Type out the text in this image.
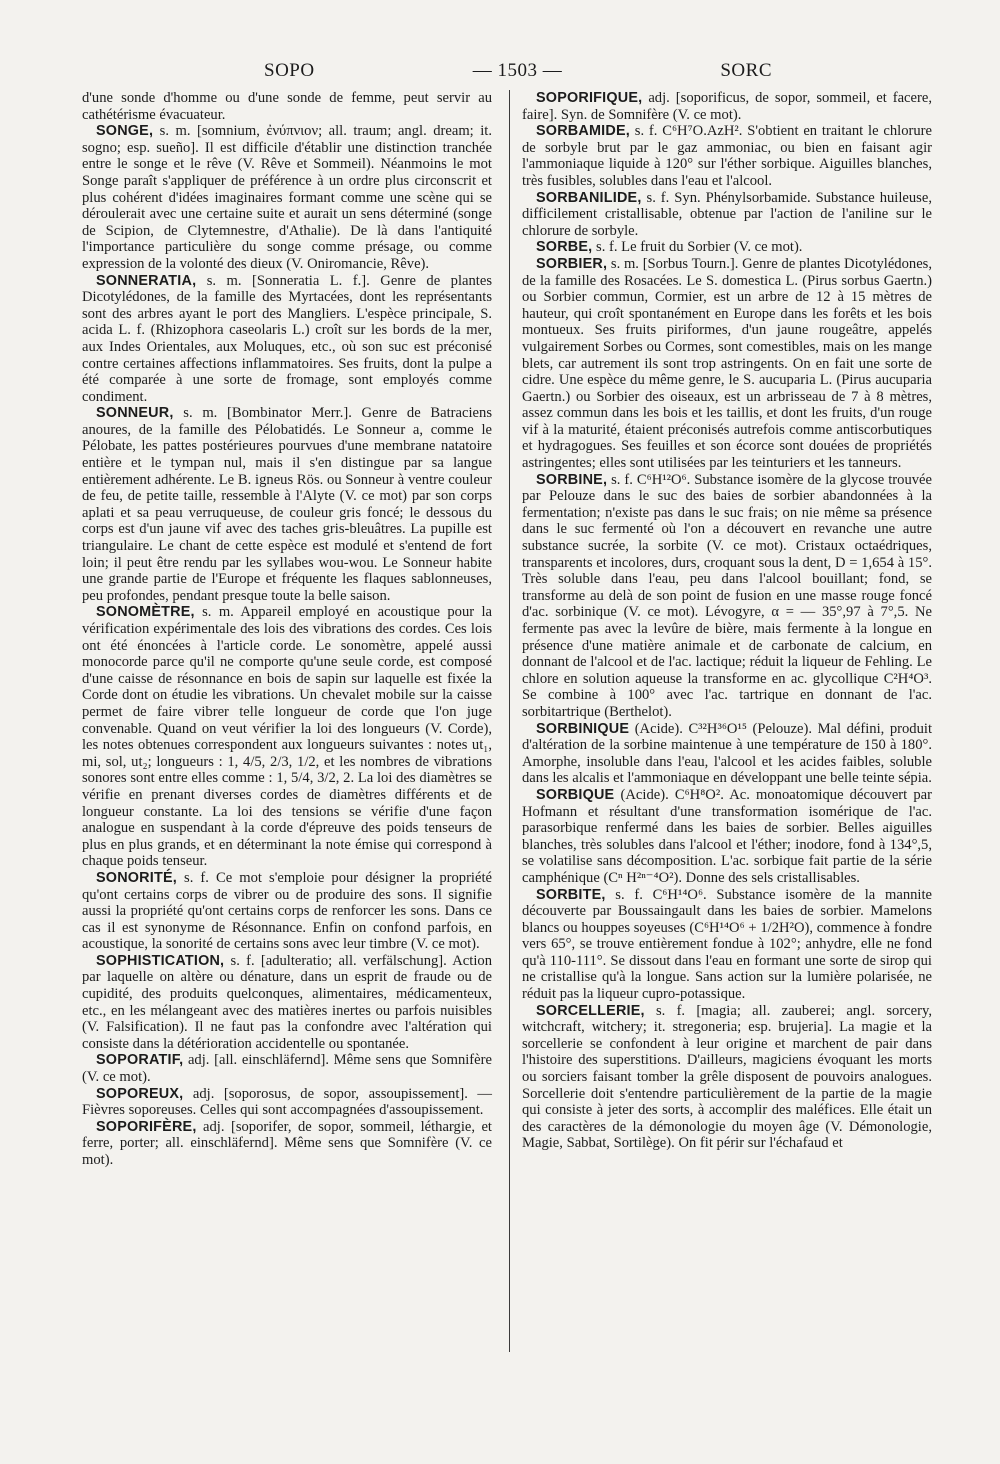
SOPO	— 1503 —	SORC

d'une sonde d'homme ou d'une sonde de femme, peut servir au cathétérisme évacuateur.

SONGE, s. m. [somnium, ἐνύπνιον; all. traum; angl. dream; it. sogno; esp. sueño]. Il est difficile d'établir une distinction tranchée entre le songe et le rêve (V. Rêve et Sommeil). Néanmoins le mot Songe paraît s'appliquer de préférence à un ordre plus circonscrit et plus cohérent d'idées imaginaires formant comme une scène qui se déroulerait avec une certaine suite et aurait un sens déterminé (songe de Scipion, de Clytemnestre, d'Athalie). De là dans l'antiquité l'importance particulière du songe comme présage, ou comme expression de la volonté des dieux (V. Oniromancie, Rêve).

SONNERATIA, s. m. [Sonneratia L. f.]. Genre de plantes Dicotylédones, de la famille des Myrtacées, dont les représentants sont des arbres ayant le port des Mangliers. L'espèce principale, S. acida L. f. (Rhizophora caseolaris L.) croît sur les bords de la mer, aux Indes Orientales, aux Moluques, etc., où son suc est préconisé contre certaines affections inflammatoires. Ses fruits, dont la pulpe a été comparée à une sorte de fromage, sont employés comme condiment.

SONNEUR, s. m. [Bombinator Merr.]. Genre de Batraciens anoures, de la famille des Pélobatidés. Le Sonneur a, comme le Pélobate, les pattes postérieures pourvues d'une membrane natatoire entière et le tympan nul, mais il s'en distingue par sa langue entièrement adhérente. Le B. igneus Rös. ou Sonneur à ventre couleur de feu, de petite taille, ressemble à l'Alyte (V. ce mot) par son corps aplati et sa peau verruqueuse, de couleur gris foncé; le dessous du corps est d'un jaune vif avec des taches gris-bleuâtres. La pupille est triangulaire. Le chant de cette espèce est modulé et s'entend de fort loin; il peut être rendu par les syllabes wou-wou. Le Sonneur habite une grande partie de l'Europe et fréquente les flaques sablonneuses, peu profondes, pendant presque toute la belle saison.

SONOMÈTRE, s. m. Appareil employé en acoustique pour la vérification expérimentale des lois des vibrations des cordes. Ces lois ont été énoncées à l'article corde. Le sonomètre, appelé aussi monocorde parce qu'il ne comporte qu'une seule corde, est composé d'une caisse de résonnance en bois de sapin sur laquelle est fixée la Corde dont on étudie les vibrations. Un chevalet mobile sur la caisse permet de faire vibrer telle longueur de corde que l'on juge convenable. Quand on veut vérifier la loi des longueurs (V. Corde), les notes obtenues correspondent aux longueurs suivantes : notes ut₁, mi, sol, ut₂; longueurs : 1, 4/5, 2/3, 1/2, et les nombres de vibrations sonores sont entre elles comme : 1, 5/4, 3/2, 2. La loi des diamètres se vérifie en prenant diverses cordes de diamètres différents et de longueur constante. La loi des tensions se vérifie d'une façon analogue en suspendant à la corde d'épreuve des poids tenseurs de plus en plus grands, et en déterminant la note émise qui correspond à chaque poids tenseur.

SONORITÉ, s. f. Ce mot s'emploie pour désigner la propriété qu'ont certains corps de vibrer ou de produire des sons. Il signifie aussi la propriété qu'ont certains corps de renforcer les sons. Dans ce cas il est synonyme de Résonnance. Enfin on confond parfois, en acoustique, la sonorité de certains sons avec leur timbre (V. ce mot).

SOPHISTICATION, s. f. [adulteratio; all. verfälschung]. Action par laquelle on altère ou dénature, dans un esprit de fraude ou de cupidité, des produits quelconques, alimentaires, médicamenteux, etc., en les mélangeant avec des matières inertes ou parfois nuisibles (V. Falsification). Il ne faut pas la confondre avec l'altération qui consiste dans la détérioration accidentelle ou spontanée.

SOPORATIF, adj. [all. einschläfernd]. Même sens que Somnifère (V. ce mot).

SOPOREUX, adj. [soporosus, de sopor, assoupissement]. — Fièvres soporeuses. Celles qui sont accompagnées d'assoupissement.

SOPORIFÈRE, adj. [soporifer, de sopor, sommeil, léthargie, et ferre, porter; all. einschläfernd]. Même sens que Somnifère (V. ce mot).

SOPORIFIQUE, adj. [soporificus, de sopor, sommeil, et facere, faire]. Syn. de Somnifère (V. ce mot).

SORBAMIDE, s. f. C⁶H⁷O.AzH². S'obtient en traitant le chlorure de sorbyle brut par le gaz ammoniac, ou bien en faisant agir l'ammoniaque liquide à 120° sur l'éther sorbique. Aiguilles blanches, très fusibles, solubles dans l'eau et l'alcool.

SORBANILIDE, s. f. Syn. Phénylsorbamide. Substance huileuse, difficilement cristallisable, obtenue par l'action de l'aniline sur le chlorure de sorbyle.

SORBE, s. f. Le fruit du Sorbier (V. ce mot).

SORBIER, s. m. [Sorbus Tourn.]. Genre de plantes Dicotylédones, de la famille des Rosacées. Le S. domestica L. (Pirus sorbus Gaertn.) ou Sorbier commun, Cormier, est un arbre de 12 à 15 mètres de hauteur, qui croît spontanément en Europe dans les forêts et les bois montueux. Ses fruits piriformes, d'un jaune rougeâtre, appelés vulgairement Sorbes ou Cormes, sont comestibles, mais on les mange blets, car autrement ils sont trop astringents. On en fait une sorte de cidre. Une espèce du même genre, le S. aucuparia L. (Pirus aucuparia Gaertn.) ou Sorbier des oiseaux, est un arbrisseau de 7 à 8 mètres, assez commun dans les bois et les taillis, et dont les fruits, d'un rouge vif à la maturité, étaient préconisés autrefois comme antiscorbutiques et hydragogues. Ses feuilles et son écorce sont douées de propriétés astringentes; elles sont utilisées par les teinturiers et les tanneurs.

SORBINE, s. f. C⁶H¹²O⁶. Substance isomère de la glycose trouvée par Pelouze dans le suc des baies de sorbier abandonnées à la fermentation; n'existe pas dans le suc frais; on nie même sa présence dans le suc fermenté où l'on a découvert en revanche une autre substance sucrée, la sorbite (V. ce mot). Cristaux octaédriques, transparents et incolores, durs, croquant sous la dent, D = 1,654 à 15°. Très soluble dans l'eau, peu dans l'alcool bouillant; fond, se transforme au delà de son point de fusion en une masse rouge foncé d'ac. sorbinique (V. ce mot). Lévogyre, α = — 35°,97 à 7°,5. Ne fermente pas avec la levûre de bière, mais fermente à la longue en présence d'une matière animale et de carbonate de calcium, en donnant de l'alcool et de l'ac. lactique; réduit la liqueur de Fehling. Le chlore en solution aqueuse la transforme en ac. glycollique C²H⁴O³. Se combine à 100° avec l'ac. tartrique en donnant de l'ac. sorbitartrique (Berthelot).

SORBINIQUE (Acide). C³²H³⁶O¹⁵ (Pelouze). Mal défini, produit d'altération de la sorbine maintenue à une température de 150 à 180°. Amorphe, insoluble dans l'eau, l'alcool et les acides faibles, soluble dans les alcalis et l'ammoniaque en développant une belle teinte sépia.

SORBIQUE (Acide). C⁶H⁸O². Ac. monoatomique découvert par Hofmann et résultant d'une transformation isomérique de l'ac. parasorbique renfermé dans les baies de sorbier. Belles aiguilles blanches, très solubles dans l'alcool et l'éther; inodore, fond à 134°,5, se volatilise sans décomposition. L'ac. sorbique fait partie de la série camphénique (Cⁿ H²ⁿ⁻⁴O²). Donne des sels cristallisables.

SORBITE, s. f. C⁶H¹⁴O⁶. Substance isomère de la mannite découverte par Boussaingault dans les baies de sorbier. Mamelons blancs ou houppes soyeuses (C⁶H¹⁴O⁶ + 1/2H²O), commence à fondre vers 65°, se trouve entièrement fondue à 102°; anhydre, elle ne fond qu'à 110-111°. Se dissout dans l'eau en formant une sorte de sirop qui ne cristallise qu'à la longue. Sans action sur la lumière polarisée, ne réduit pas la liqueur cupro-potassique.

SORCELLERIE, s. f. [magia; all. zauberei; angl. sorcery, witchcraft, witchery; it. stregoneria; esp. brujeria]. La magie et la sorcellerie se confondent à leur origine et marchent de pair dans l'histoire des superstitions. D'ailleurs, magiciens évoquant les morts ou sorciers faisant tomber la grêle disposent de pouvoirs analogues. Sorcellerie doit s'entendre particulièrement de la partie de la magie qui consiste à jeter des sorts, à accomplir des maléfices. Elle était un des caractères de la démonologie du moyen âge (V. Démonologie, Magie, Sabbat, Sortilège). On fit périr sur l'échafaud et
